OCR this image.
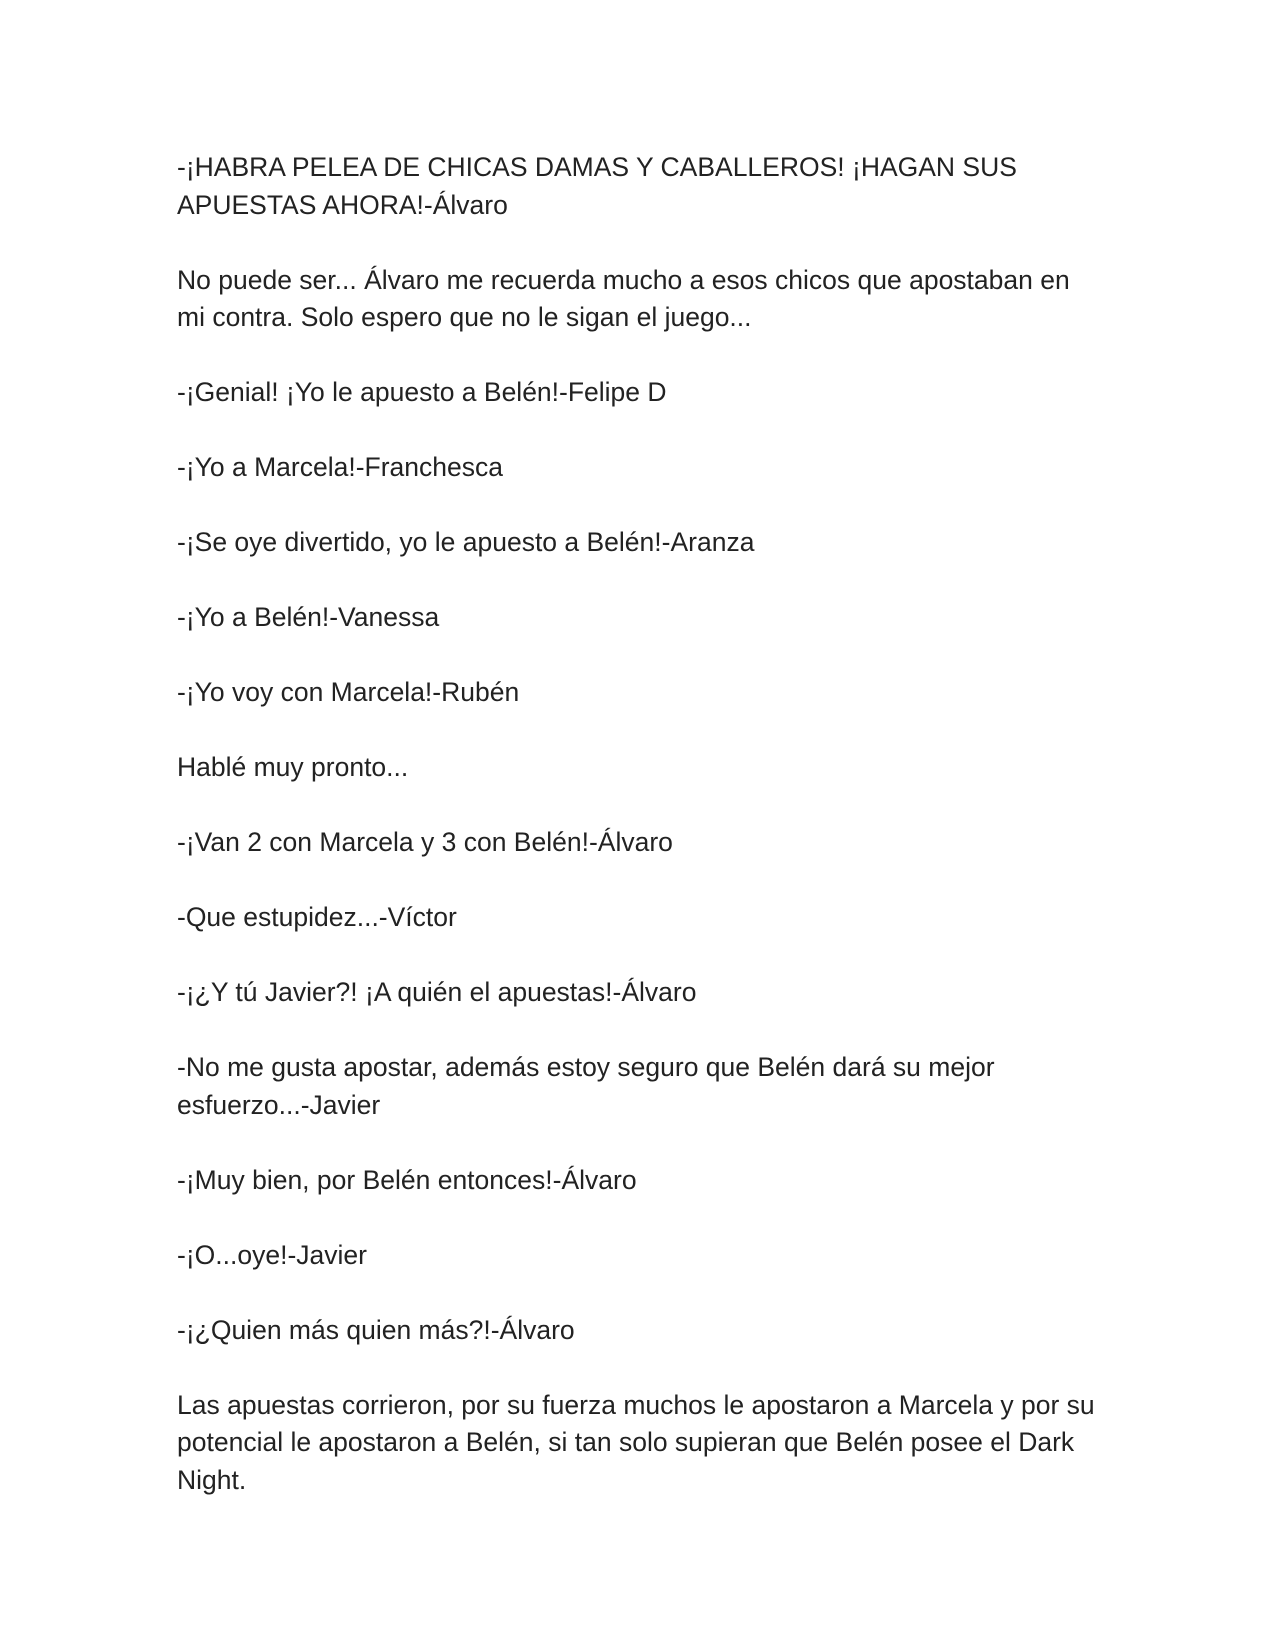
-¡HABRA PELEA DE CHICAS DAMAS Y CABALLEROS! ¡HAGAN SUS APUESTAS AHORA!-Álvaro

No puede ser... Álvaro me recuerda mucho a esos chicos que apostaban en mi contra. Solo espero que no le sigan el juego...

-¡Genial! ¡Yo le apuesto a Belén!-Felipe D

-¡Yo a Marcela!-Franchesca

-¡Se oye divertido, yo le apuesto a Belén!-Aranza

-¡Yo a Belén!-Vanessa

-¡Yo voy con Marcela!-Rubén

Hablé muy pronto...

-¡Van 2 con Marcela y 3 con Belén!-Álvaro

-Que estupidez...-Víctor

-¡¿Y tú Javier?! ¡A quién el apuestas!-Álvaro

-No me gusta apostar, además estoy seguro que Belén dará su mejor esfuerzo...-Javier

-¡Muy bien, por Belén entonces!-Álvaro

-¡O...oye!-Javier

-¡¿Quien más quien más?!-Álvaro

Las apuestas corrieron, por su fuerza muchos le apostaron a Marcela y por su potencial le apostaron a Belén, si tan solo supieran que Belén posee el Dark Night.
